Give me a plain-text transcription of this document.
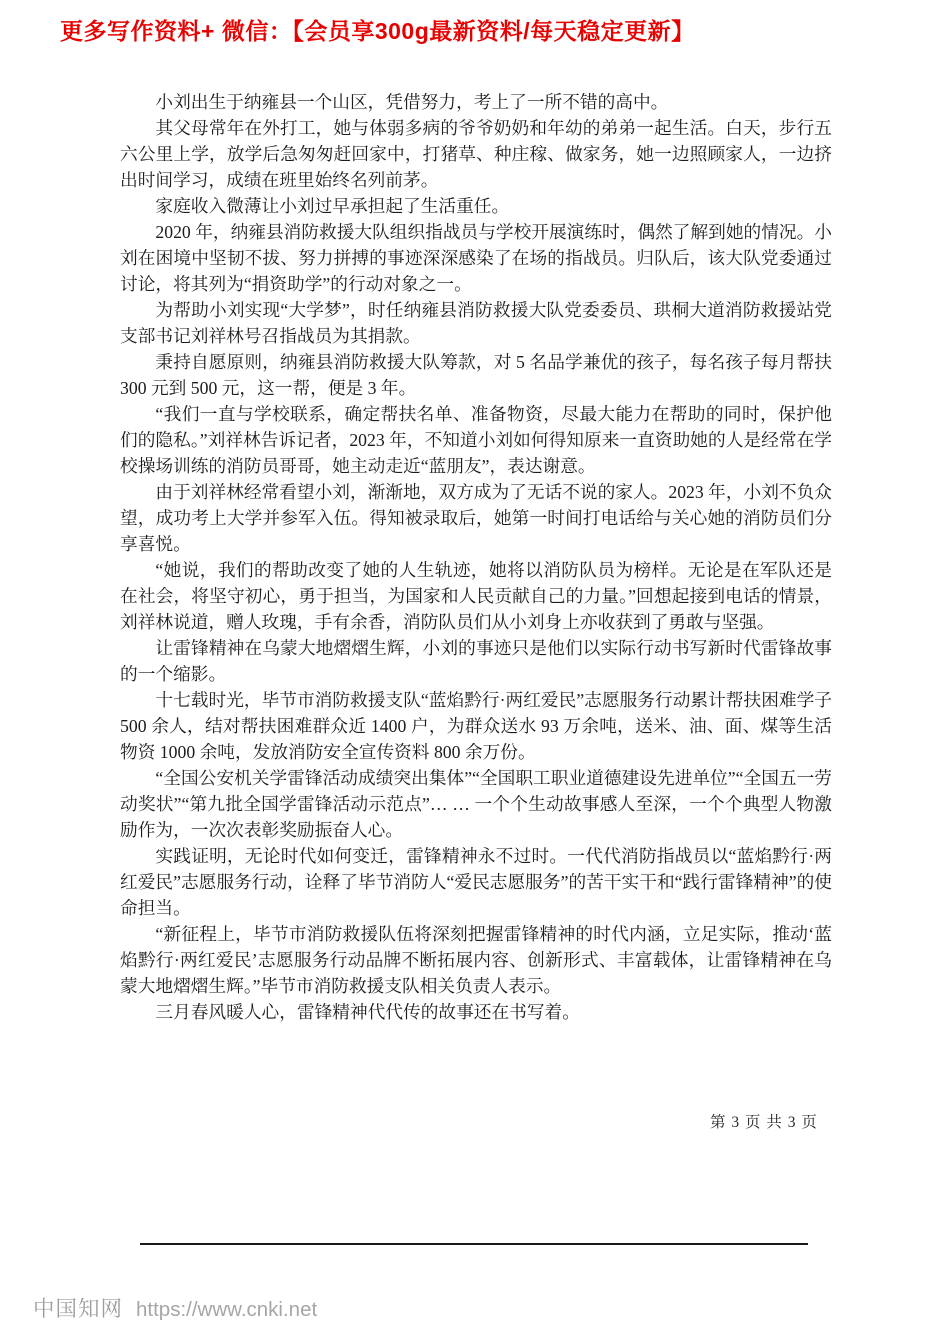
更多写作资料+ 微信：【会员享300g最新资料/每天稳定更新】

小刘出生于纳雍县一个山区，凭借努力，考上了一所不错的高中。

其父母常年在外打工，她与体弱多病的爷爷奶奶和年幼的弟弟一起生活。白天，步行五六公里上学，放学后急匆匆赶回家中，打猪草、种庄稼、做家务，她一边照顾家人，一边挤出时间学习，成绩在班里始终名列前茅。

家庭收入微薄让小刘过早承担起了生活重任。

2020 年，纳雍县消防救援大队组织指战员与学校开展演练时，偶然了解到她的情况。小刘在困境中坚韧不拔、努力拼搏的事迹深深感染了在场的指战员。归队后，该大队党委通过讨论，将其列为“捐资助学”的行动对象之一。

为帮助小刘实现“大学梦”，时任纳雍县消防救援大队党委委员、珙桐大道消防救援站党支部书记刘祥林号召指战员为其捐款。

秉持自愿原则，纳雍县消防救援大队筹款，对 5 名品学兼优的孩子，每名孩子每月帮扶 300 元到 500 元，这一帮，便是 3 年。

“我们一直与学校联系，确定帮扶名单、准备物资，尽最大能力在帮助的同时，保护他们的隐私。”刘祥林告诉记者，2023 年，不知道小刘如何得知原来一直资助她的人是经常在学校操场训练的消防员哥哥，她主动走近“蓝朋友”，表达谢意。

由于刘祥林经常看望小刘，渐渐地，双方成为了无话不说的家人。2023 年，小刘不负众望，成功考上大学并参军入伍。得知被录取后，她第一时间打电话给与关心她的消防员们分享喜悦。

“她说，我们的帮助改变了她的人生轨迹，她将以消防队员为榜样。无论是在军队还是在社会，将坚守初心，勇于担当，为国家和人民贡献自己的力量。”回想起接到电话的情景，刘祥林说道，赠人玫瑰，手有余香，消防队员们从小刘身上亦收获到了勇敢与坚强。

让雷锋精神在乌蒙大地熠熠生辉，小刘的事迹只是他们以实际行动书写新时代雷锋故事的一个缩影。

十七载时光，毕节市消防救援支队“蓝焰黔行·两红爱民”志愿服务行动累计帮扶困难学子 500 余人，结对帮扶困难群众近 1400 户，为群众送水 93 万余吨，送米、油、面、煤等生活物资 1000 余吨，发放消防安全宣传资料 800 余万份。

“全国公安机关学雷锋活动成绩突出集体”“全国职工职业道德建设先进单位”“全国五一劳动奖状”“第九批全国学雷锋活动示范点”… … 一个个生动故事感人至深，一个个典型人物激励作为，一次次表彰奖励振奋人心。

实践证明，无论时代如何变迁，雷锋精神永不过时。一代代消防指战员以“蓝焰黔行·两红爱民”志愿服务行动，诠释了毕节消防人“爱民志愿服务”的苦干实干和“践行雷锋精神”的使命担当。

“新征程上，毕节市消防救援队伍将深刻把握雷锋精神的时代内涵，立足实际，推动‘蓝焰黔行·两红爱民’志愿服务行动品牌不断拓展内容、创新形式、丰富载体，让雷锋精神在乌蒙大地熠熠生辉。”毕节市消防救援支队相关负责人表示。

三月春风暖人心，雷锋精神代代传的故事还在书写着。

第 3 页 共 3 页
中国知网 https://www.cnki.net
